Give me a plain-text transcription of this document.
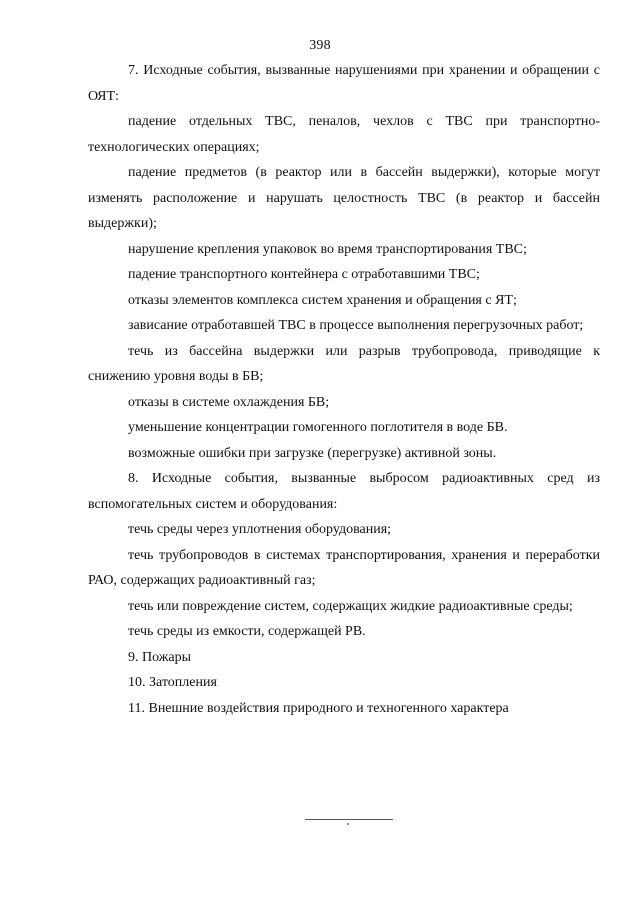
398

7. Исходные события, вызванные нарушениями при хранении и обращении с ОЯТ:

падение отдельных ТВС, пеналов, чехлов с ТВС при транспортно-технологических операциях;

падение предметов (в реактор или в бассейн выдержки), которые могут изменять расположение и нарушать целостность ТВС (в реактор и бассейн выдержки);

нарушение крепления упаковок во время транспортирования ТВС;

падение транспортного контейнера с отработавшими ТВС;

отказы элементов комплекса систем хранения и обращения с ЯТ;

зависание отработавшей ТВС в процессе выполнения перегрузочных работ;

течь из бассейна выдержки или разрыв трубопровода, приводящие к снижению уровня воды в БВ;

отказы в системе охлаждения БВ;

уменьшение концентрации гомогенного поглотителя в воде БВ.

возможные ошибки при загрузке (перегрузке) активной зоны.

8. Исходные события, вызванные выбросом радиоактивных сред из вспомогательных систем и оборудования:

течь среды через уплотнения оборудования;

течь трубопроводов в системах транспортирования, хранения и переработки РАО, содержащих радиоактивный газ;

течь или повреждение систем, содержащих жидкие радиоактивные среды;

течь среды из емкости, содержащей РВ.

9. Пожары

10. Затопления

11. Внешние воздействия природного и техногенного характера
